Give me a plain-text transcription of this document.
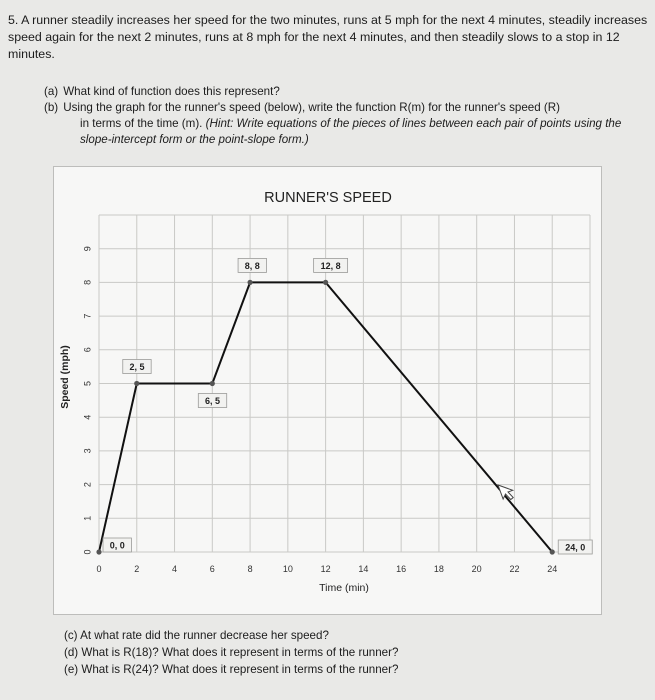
5. A runner steadily increases her speed for the two minutes, runs at 5 mph for the next 4 minutes, steadily increases speed again for the next 2 minutes, runs at 8 mph for the next 4 minutes, and then steadily slows to a stop in 12 minutes.

(a) What kind of function does this represent?

(b) Using the graph for the runner's speed (below), write the function R(m) for the runner's speed (R)

in terms of the time (m). (Hint: Write equations of the pieces of lines between each pair of points using the slope-intercept form or the point-slope form.)

RUNNER'S SPEED
0
1
2
3
4
5
6
7
8
9
0	2	4	6	8	10	12	14	16	18	20	22	24
Time (min)
Speed (mph)
0, 0
2, 5
6, 5
8, 8	12, 8
24, 0

(c) At what rate did the runner decrease her speed?

(d) What is R(18)? What does it represent in terms of the runner?

(e) What is R(24)? What does it represent in terms of the runner?
